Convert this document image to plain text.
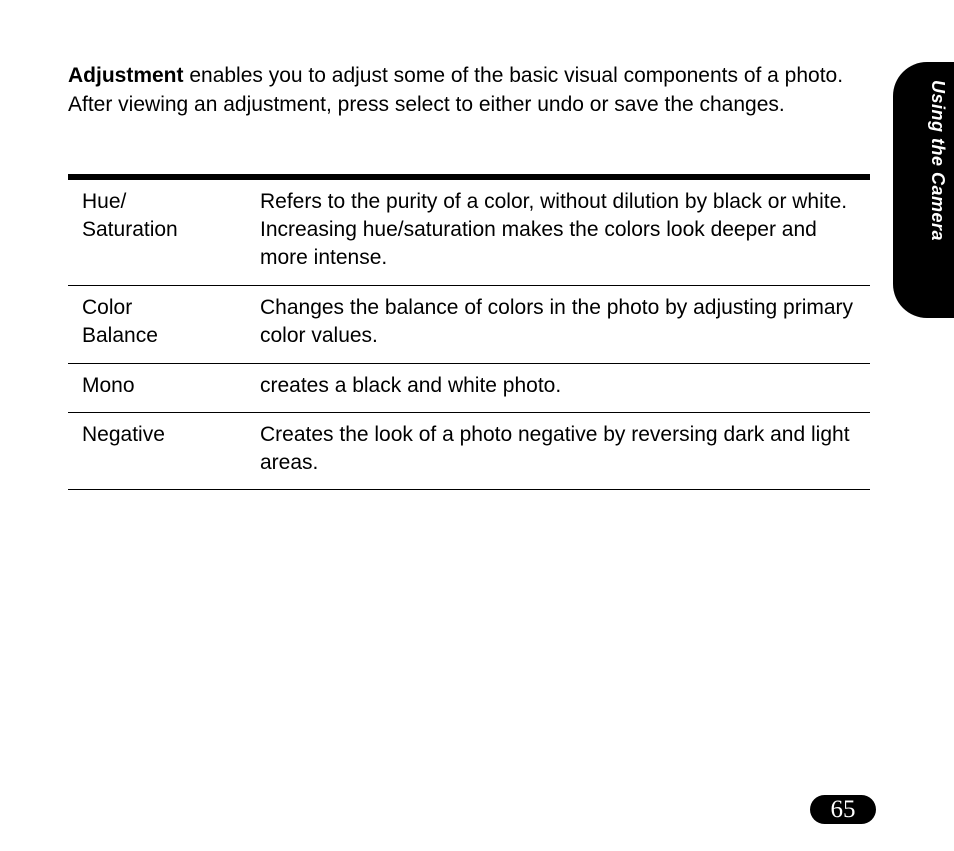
Adjustment enables you to adjust some of the basic visual components of a photo. After viewing an adjustment, press select to either undo or save the changes.

Hue/
Saturation
Refers to the purity of a color, without dilution by black or white. Increasing hue/saturation makes the colors look deeper and more intense.
Color
Balance
Changes the balance of colors in the photo by adjusting primary color values.
Mono	creates a black and white photo.
Negative	Creates the look of a photo negative by reversing dark and light areas.
Using the Camera
65
